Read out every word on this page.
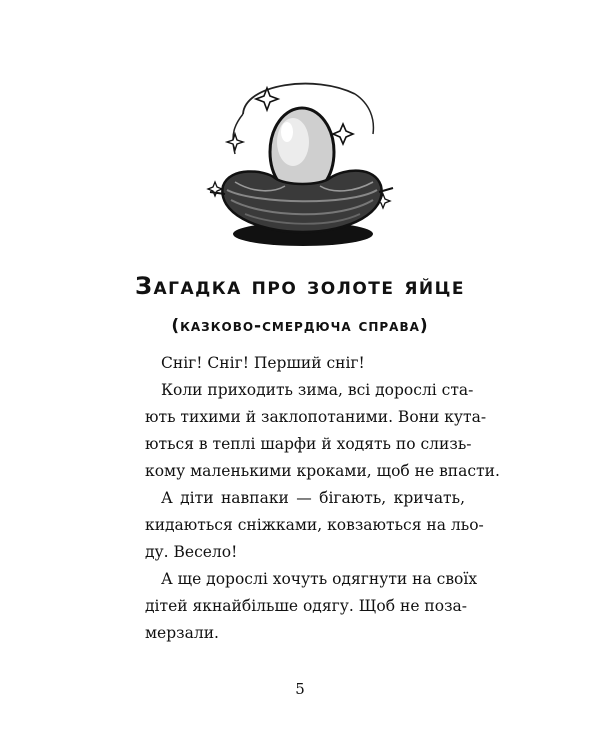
Загадка про золоте яйце
(казково-смердюча справа)
Сніг! Сніг! Перший сніг!
Коли приходить зима, всі дорослі ста-
ють тихими й заклопотаними. Вони кута-
ються в теплі шарфи й ходять по слизь-
кому маленькими кроками, щоб не впасти.
А діти навпаки — бігають, кричать,
кидаються сніжками, ковзаються на льо-
ду. Весело!
А ще дорослі хочуть одягнути на своїх
дітей якнайбільше одягу. Щоб не поза-
мерзали.
5
